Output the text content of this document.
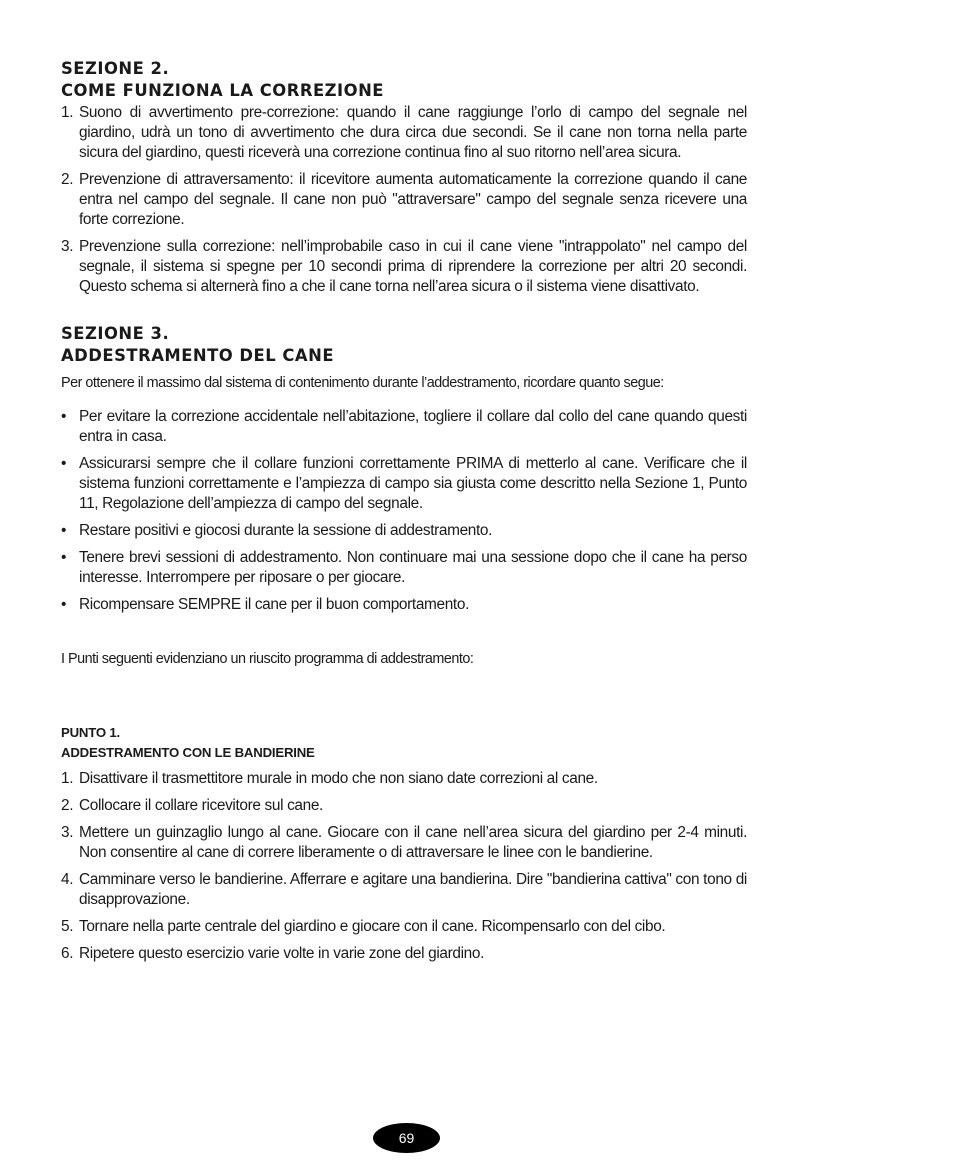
SEZIONE 2.
COME FUNZIONA LA CORREZIONE
1. Suono di avvertimento pre-correzione: quando il cane raggiunge l’orlo di campo del segnale nel giardino, udrà un tono di avvertimento che dura circa due secondi. Se il cane non torna nella parte sicura del giardino, questi riceverà una correzione continua fino al suo ritorno nell’area sicura.
2. Prevenzione di attraversamento: il ricevitore aumenta automaticamente la correzione quando il cane entra nel campo del segnale. Il cane non può "attraversare" campo del segnale senza ricevere una forte correzione.
3. Prevenzione sulla correzione: nell’improbabile caso in cui il cane viene "intrappolato" nel campo del segnale, il sistema si spegne per 10 secondi prima di riprendere la correzione per altri 20 secondi. Questo schema si alternerà fino a che il cane torna nell’area sicura o il sistema viene disattivato.
SEZIONE 3.
ADDESTRAMENTO DEL CANE

Per ottenere il massimo dal sistema di contenimento durante l’addestramento, ricordare quanto segue:

• Per evitare la correzione accidentale nell’abitazione, togliere il collare dal collo del cane quando questi entra in casa.
• Assicurarsi sempre che il collare funzioni correttamente PRIMA di metterlo al cane. Verificare che il sistema funzioni correttamente e l’ampiezza di campo sia giusta come descritto nella Sezione 1, Punto 11, Regolazione dell’ampiezza di campo del segnale.
• Restare positivi e giocosi durante la sessione di addestramento.
• Tenere brevi sessioni di addestramento. Non continuare mai una sessione dopo che il cane ha perso interesse. Interrompere per riposare o per giocare.
• Ricompensare SEMPRE il cane per il buon comportamento.

I Punti seguenti evidenziano un riuscito programma di addestramento:

PUNTO 1.
ADDESTRAMENTO CON LE BANDIERINE
1. Disattivare il trasmettitore murale in modo che non siano date correzioni al cane.
2. Collocare il collare ricevitore sul cane.
3. Mettere un guinzaglio lungo al cane. Giocare con il cane nell’area sicura del giardino per 2-4 minuti. Non consentire al cane di correre liberamente o di attraversare le linee con le bandierine.
4. Camminare verso le bandierine. Afferrare e agitare una bandierina. Dire "bandierina cattiva" con tono di disapprovazione.
5. Tornare nella parte centrale del giardino e giocare con il cane. Ricompensarlo con del cibo.
6. Ripetere questo esercizio varie volte in varie zone del giardino.
69
